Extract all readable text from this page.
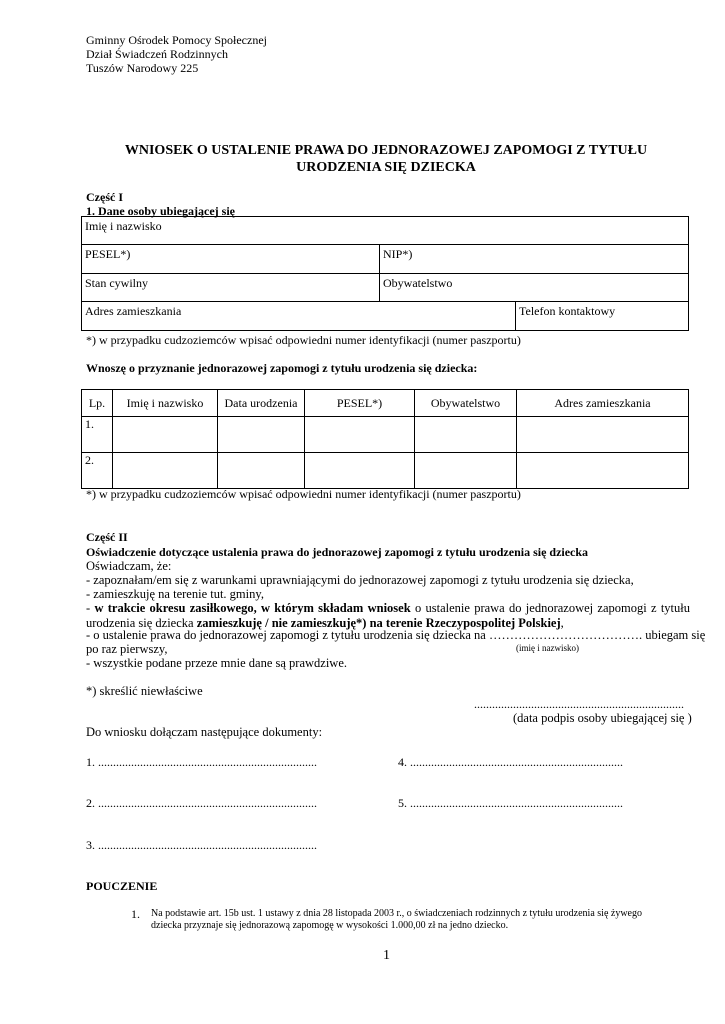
Gminny Ośrodek Pomocy Społecznej
Dział Świadczeń Rodzinnych
Tuszów Narodowy 225
WNIOSEK O USTALENIE PRAWA DO JEDNORAZOWEJ ZAPOMOGI Z TYTUŁU
URODZENIA SIĘ DZIECKA
Część I
1. Dane osoby ubiegającej się
Imię i nazwisko		
PESEL*)	NIP*)	
Stan cywilny	Obywatelstwo	
Adres zamieszkania		Telefon kontaktowy
*) w przypadku cudzoziemców wpisać odpowiedni numer identyfikacji (numer paszportu)
Wnoszę o przyznanie jednorazowej zapomogi z tytułu urodzenia się dziecka:
Lp.	Imię i nazwisko	Data urodzenia	PESEL*)	Obywatelstwo	Adres zamieszkania
1.					
2.					
*) w przypadku cudzoziemców wpisać odpowiedni numer identyfikacji (numer paszportu)
Część II
Oświadczenie dotyczące ustalenia prawa do jednorazowej zapomogi z tytułu urodzenia się dziecka
Oświadczam, że:
- zapoznałam/em się z warunkami uprawniającymi do jednorazowej zapomogi z tytułu urodzenia się dziecka,
- zamieszkuję na terenie tut. gminy,
- w trakcie okresu zasiłkowego, w którym składam wniosek o ustalenie prawa do jednorazowej zapomogi z tytułu urodzenia się dziecka zamieszkuję / nie zamieszkuję*) na terenie Rzeczypospolitej Polskiej,
- o ustalenie prawa do jednorazowej zapomogi z tytułu urodzenia się dziecka na ………………………………. ubiegam się
po raz pierwszy,	(imię i nazwisko)
- wszystkie podane przeze mnie dane są prawdziwe.
*) skreślić niewłaściwe
......................................................................
(data podpis osoby ubiegającej się )
Do wniosku dołączam następujące dokumenty:
1. .........................................................................	4. .......................................................................
2. .........................................................................	5. .......................................................................
3. .........................................................................
POUCZENIE
1. Na podstawie art. 15b ust. 1 ustawy z dnia 28 listopada 2003 r., o świadczeniach rodzinnych z tytułu urodzenia się żywego
dziecka przyznaje się jednorazową zapomogę w wysokości 1.000,00 zł na jedno dziecko.
1
